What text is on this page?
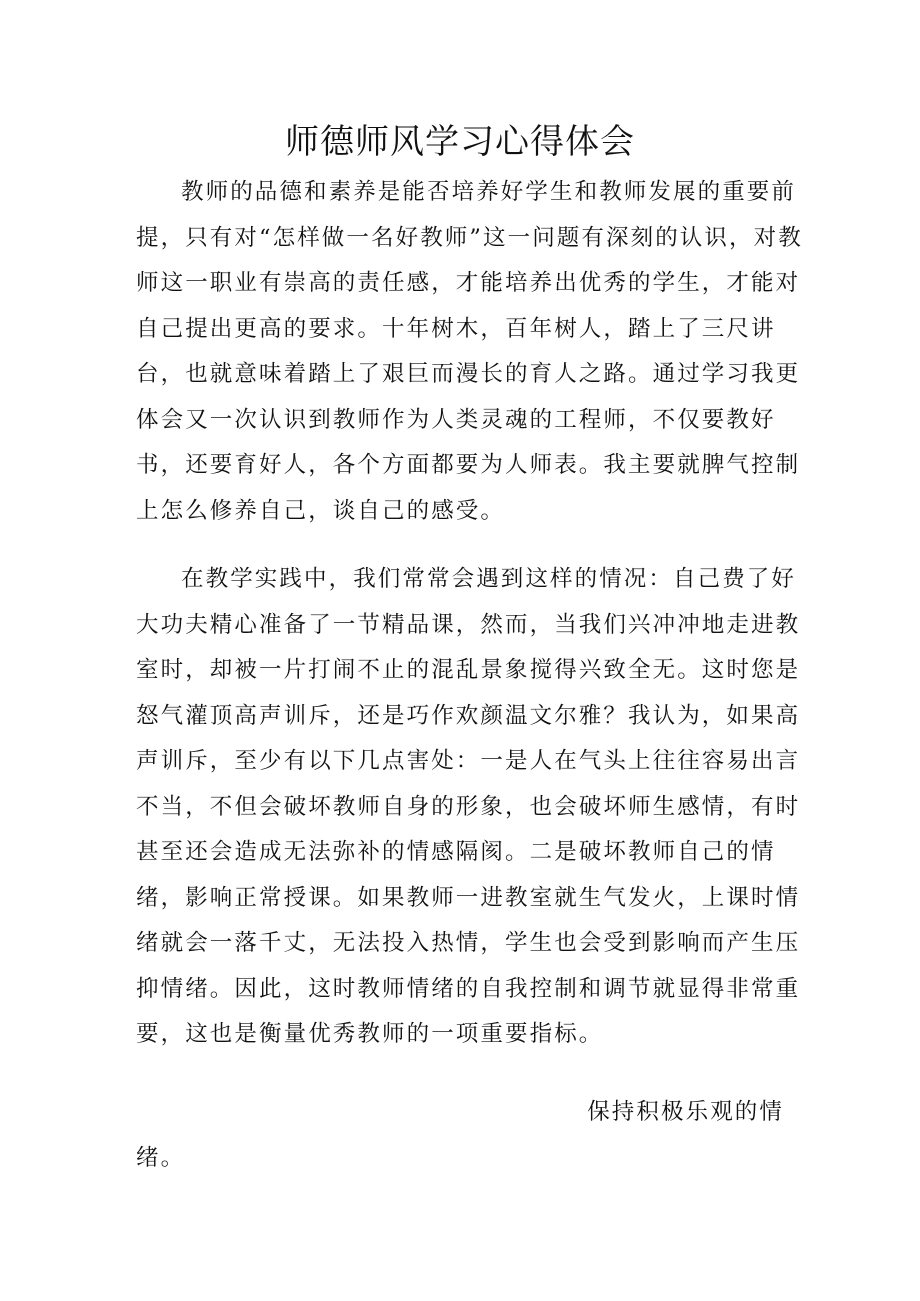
师德师风学习心得体会

教师的品德和素养是能否培养好学生和教师发展的重要前提，只有对“怎样做一名好教师”这一问题有深刻的认识，对教师这一职业有崇高的责任感，才能培养出优秀的学生，才能对自己提出更高的要求。十年树木，百年树人，踏上了三尺讲台，也就意味着踏上了艰巨而漫长的育人之路。通过学习我更体会又一次认识到教师作为人类灵魂的工程师，不仅要教好书，还要育好人，各个方面都要为人师表。我主要就脾气控制上怎么修养自己，谈自己的感受。

在教学实践中，我们常常会遇到这样的情况：自己费了好大功夫精心准备了一节精品课，然而，当我们兴冲冲地走进教室时，却被一片打闹不止的混乱景象搅得兴致全无。这时您是怒气灌顶高声训斥，还是巧作欢颜温文尔雅？我认为，如果高声训斥，至少有以下几点害处：一是人在气头上往往容易出言不当，不但会破坏教师自身的形象，也会破坏师生感情，有时甚至还会造成无法弥补的情感隔阂。二是破坏教师自己的情绪，影响正常授课。如果教师一进教室就生气发火，上课时情绪就会一落千丈，无法投入热情，学生也会受到影响而产生压抑情绪。因此，这时教师情绪的自我控制和调节就显得非常重要，这也是衡量优秀教师的一项重要指标。

保持积极乐观的情

绪。
